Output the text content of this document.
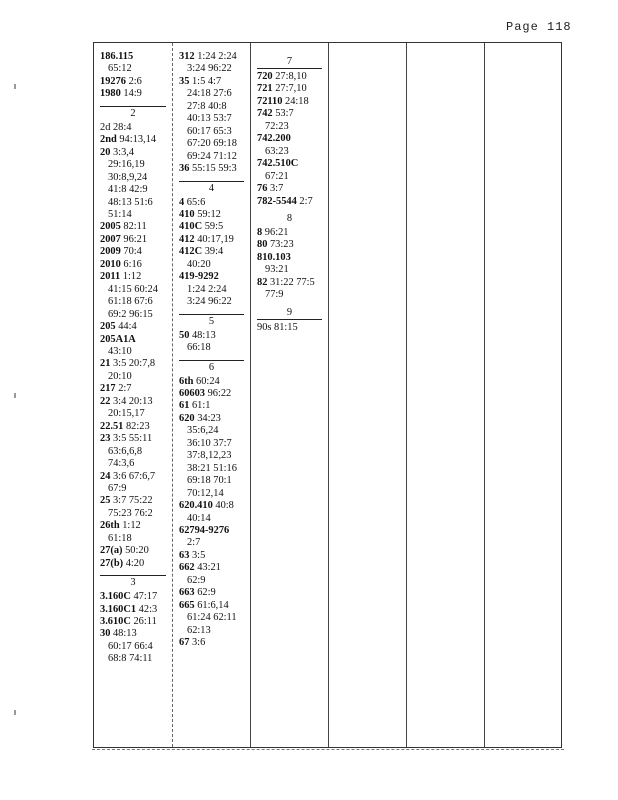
Page 118
186.115
65:12
19276 2:6
1980 14:9
2
2d 28:4
2nd 94:13,14
20 3:3,4
29:16,19
30:8,9,24
41:8 42:9
48:13 51:6
51:14
2005 82:11
2007 96:21
2009 70:4
2010 6:16
2011 1:12
41:15 60:24
61:18 67:6
69:2 96:15
205 44:4
205A1A
43:10
21 3:5 20:7,8
20:10
217 2:7
22 3:4 20:13
20:15,17
22.51 82:23
23 3:5 55:11
63:6,6,8
74:3,6
24 3:6 67:6,7
67:9
25 3:7 75:22
75:23 76:2
26th 1:12
61:18
27(a) 50:20
27(b) 4:20
3
3.160C 47:17
3.160C1 42:3
3.610C 26:11
30 48:13
60:17 66:4
68:8 74:11
312 1:24 2:24
3:24 96:22
35 1:5 4:7
24:18 27:6
27:8 40:8
40:13 53:7
60:17 65:3
67:20 69:18
69:24 71:12
36 55:15 59:3
4
4 65:6
410 59:12
410C 59:5
412 40:17,19
412C 39:4
40:20
419-9292
1:24 2:24
3:24 96:22
5
50 48:13
66:18
6
6th 60:24
60603 96:22
61 61:1
620 34:23
35:6,24
36:10 37:7
37:8,12,23
38:21 51:16
69:18 70:1
70:12,14
620.410 40:8
40:14
62794-9276
2:7
63 3:5
662 43:21
62:9
663 62:9
665 61:6,14
61:24 62:11
62:13
67 3:6
7
720 27:8,10
721 27:7,10
72110 24:18
742 53:7
72:23
742.200
63:23
742.510C
67:21
76 3:7
782-5544 2:7
8
8 96:21
80 73:23
810.103
93:21
82 31:22 77:5
77:9
9
90s 81:15
